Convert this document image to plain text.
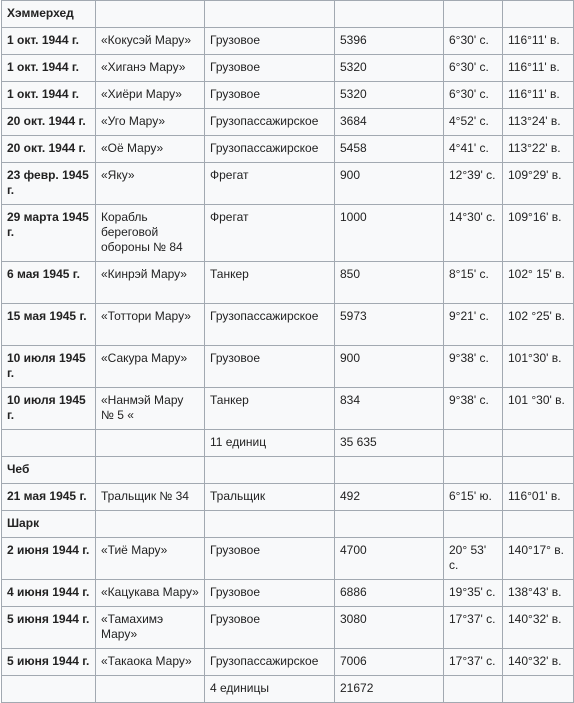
Хэммерхед					
1 окт. 1944 г.	«Кокусэй Мару»	Грузовое	5396	6°30' с.	116°11' в.
1 окт. 1944 г.	«Хиганэ Мару»	Грузовое	5320	6°30' с.	116°11' в.
1 окт. 1944 г.	«Хиёри Мару»	Грузовое	5320	6°30' с.	116°11' в.
20 окт. 1944 г.	«Уго Мару»	Грузопассажирское	3684	4°52' с.	113°24' в.
20 окт. 1944 г.	«Оё Мару»	Грузопассажирское	5458	4°41' с.	113°22' в.
23 февр. 1945 г.	«Яку»	Фрегат	900	12°39' с.	109°29' в.
29 марта 1945 г.	Корабль береговой обороны № 84	Фрегат	1000	14°30' с.	109°16' в.
6 мая 1945 г.	«Кинрэй Мару»	Танкер	850	8°15' с.	102° 15' в.
15 мая 1945 г.	«Тоттори Мару»	Грузопассажирское	5973	9°21' с.	102 °25' в.
10 июля 1945 г.	«Сакура Мару»	Грузовое	900	9°38' с.	101°30' в.
10 июля 1945 г.	«Нанмэй Мару № 5 «	Танкер	834	9°38' с.	101 °30' в.
		11 единиц	35 635		
Чеб					
21 мая 1945 г.	Тральщик № 34	Тральщик	492	6°15' ю.	116°01' в.
Шарк					
2 июня 1944 г.	«Тиё Мару»	Грузовое	4700	20° 53' с.	140°17° в.
4 июня 1944 г.	«Кацукава Мару»	Грузовое	6886	19°35' с.	138°43' в.
5 июня 1944 г.	«Тамахимэ Мару»	Грузовое	3080	17°37' с.	140°32' в.
5 июня 1944 г.	«Такаока Мару»	Грузопассажирское	7006	17°37' с.	140°32' в.
		4 единицы	21672		
